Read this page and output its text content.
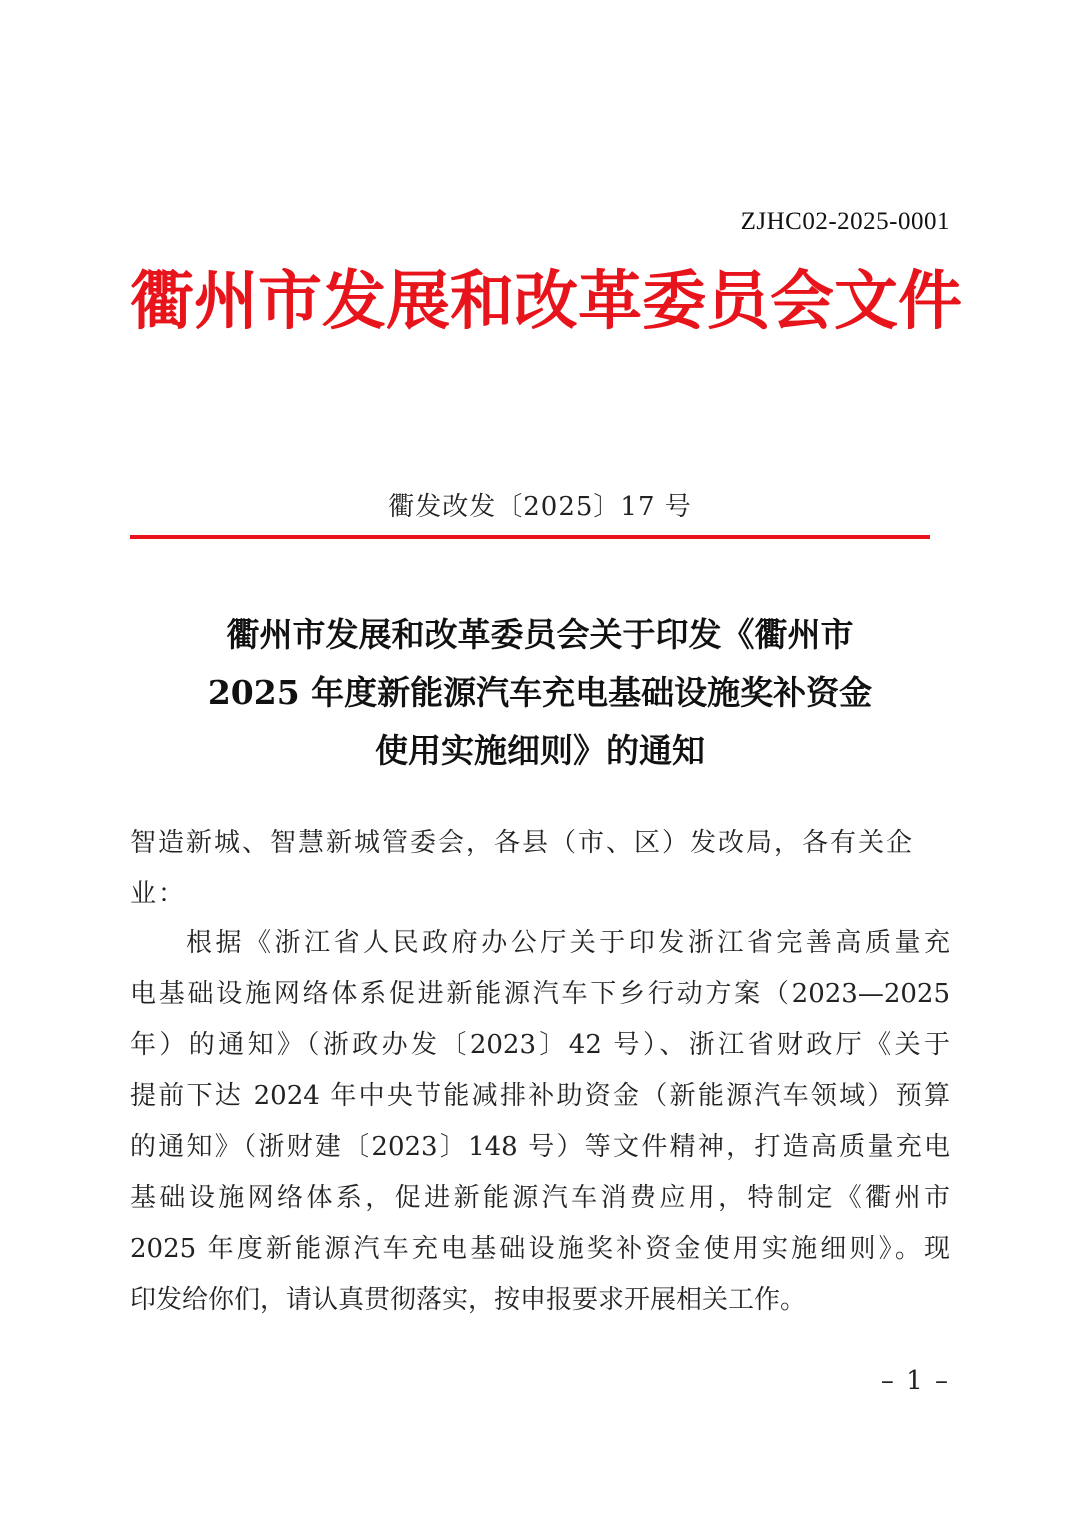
ZJHC02-2025-0001
衢州市发展和改革委员会文件
衢发改发〔2025〕17 号
衢州市发展和改革委员会关于印发《衢州市
2025 年度新能源汽车充电基础设施奖补资金
使用实施细则》的通知
智造新城、智慧新城管委会，各县（市、区）发改局，各有关企业：
根据《浙江省人民政府办公厅关于印发浙江省完善高质量充
电基础设施网络体系促进新能源汽车下乡行动方案（2023—2025
年）的通知》（浙政办发〔2023〕42 号）、浙江省财政厅《关于
提前下达 2024 年中央节能减排补助资金（新能源汽车领域）预算
的通知》（浙财建〔2023〕148 号）等文件精神，打造高质量充电
基础设施网络体系，促进新能源汽车消费应用，特制定《衢州市
2025 年度新能源汽车充电基础设施奖补资金使用实施细则》。现
印发给你们，请认真贯彻落实，按申报要求开展相关工作。
– 1 –
